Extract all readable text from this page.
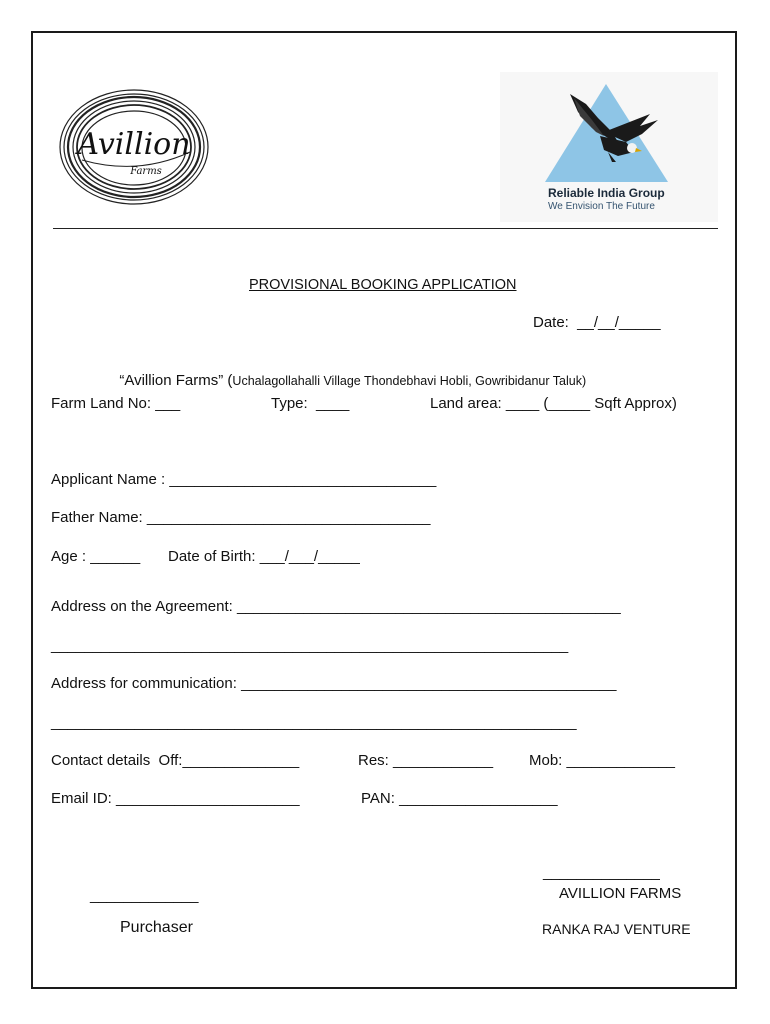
Avillion
Farms
Reliable India Group
We Envision The Future
PROVISIONAL BOOKING APPLICATION
Date:  __/__/_____

“Avillion Farms” (Uchalagollahalli Village Thondebhavi Hobli, Gowribidanur Taluk)

Farm Land No: ___	Type:  ____	Land area: ____ (_____ Sqft Approx)
Applicant Name : ________________________________
Father Name: __________________________________
Age : ______ Date of Birth: ___/___/_____
Address on the Agreement: ______________________________________________
______________________________________________________________
Address for communication: _____________________________________________
_______________________________________________________________
Contact details  Off:______________	Res: ____________ Mob: _____________
Email ID: ______________________	PAN: ___________________
_____________
Purchaser
______________
AVILLION FARMS
RANKA RAJ VENTURE
